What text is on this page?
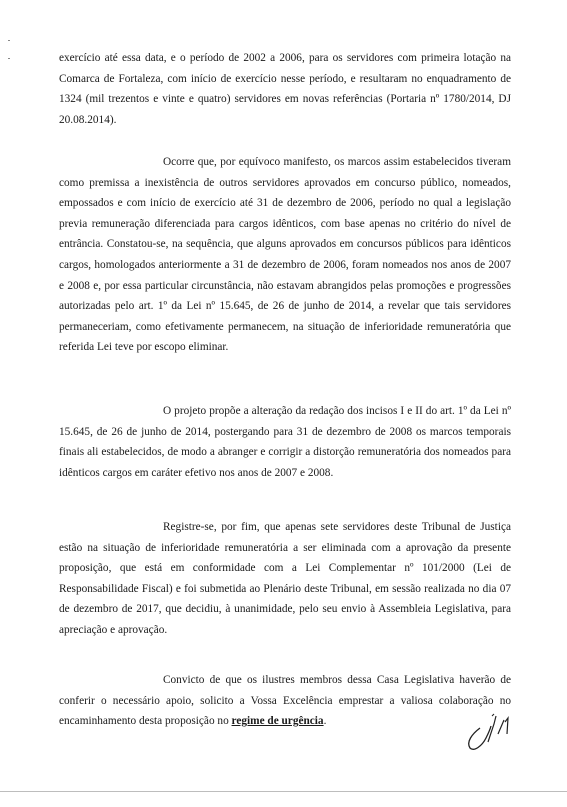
exercício até essa data, e o período de 2002 a 2006, para os servidores com primeira lotação na Comarca de Fortaleza, com início de exercício nesse período, e resultaram no enquadramento de 1324 (mil trezentos e vinte e quatro) servidores em novas referências (Portaria nº 1780/2014, DJ 20.08.2014).

Ocorre que, por equívoco manifesto, os marcos assim estabelecidos tiveram como premissa a inexistência de outros servidores aprovados em concurso público, nomeados, empossados e com início de exercício até 31 de dezembro de 2006, período no qual a legislação previa remuneração diferenciada para cargos idênticos, com base apenas no critério do nível de entrância. Constatou-se, na sequência, que alguns aprovados em concursos públicos para idênticos cargos, homologados anteriormente a 31 de dezembro de 2006, foram nomeados nos anos de 2007 e 2008 e, por essa particular circunstância, não estavam abrangidos pelas promoções e progressões autorizadas pelo art. 1º da Lei nº 15.645, de 26 de junho de 2014, a revelar que tais servidores permaneceriam, como efetivamente permanecem, na situação de inferioridade remuneratória que referida Lei teve por escopo eliminar.

O projeto propõe a alteração da redação dos incisos I e II do art. 1º da Lei nº 15.645, de 26 de junho de 2014, postergando para 31 de dezembro de 2008 os marcos temporais finais ali estabelecidos, de modo a abranger e corrigir a distorção remuneratória dos nomeados para idênticos cargos em caráter efetivo nos anos de 2007 e 2008.

Registre-se, por fim, que apenas sete servidores deste Tribunal de Justiça estão na situação de inferioridade remuneratória a ser eliminada com a aprovação da presente proposição, que está em conformidade com a Lei Complementar nº 101/2000 (Lei de Responsabilidade Fiscal) e foi submetida ao Plenário deste Tribunal, em sessão realizada no dia 07 de dezembro de 2017, que decidiu, à unanimidade, pelo seu envio à Assembleia Legislativa, para apreciação e aprovação.

Convicto de que os ilustres membros dessa Casa Legislativa haverão de conferir o necessário apoio, solicito a Vossa Excelência emprestar a valiosa colaboração no encaminhamento desta proposição no regime de urgência.
